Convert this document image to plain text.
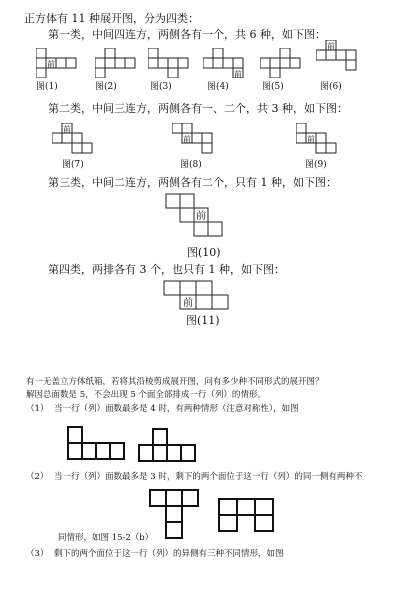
正方体有 11 种展开图，分为四类：
第一类，中间四连方，两侧各有一个，共 6 种，如下图：
前
图(1)	图(2)	图(3)
前
图(4)	图(5)
前
图(6)
第二类，中间三连方，两侧各有一、二个，共 3 种，如下图：
前
图(7)
前
图(8)
前
图(9)
第三类，中间二连方，两侧各有二个，只有 1 种，如下图：
前
图(10)
第四类，两排各有 3 个，也只有 1 种，如下图：
前
图(11)
有一无盖立方体纸箱，若将其沿棱剪成展开图，问有多少种不同形式的展开图？
解因总面数是 5，不会出现 5 个面全部排成一行（列）的情形。
（1） 当一行（列）面数最多是 4 时，有两种情形（注意对称性），如图
（2） 当一行（列）面数最多是 3 时，剩下的两个面位于这一行（列）的同一侧有两种不
同情形，如图 15-2（b）
（3） 剩下的两个面位于这一行（列）的异侧有三种不同情形，如图
